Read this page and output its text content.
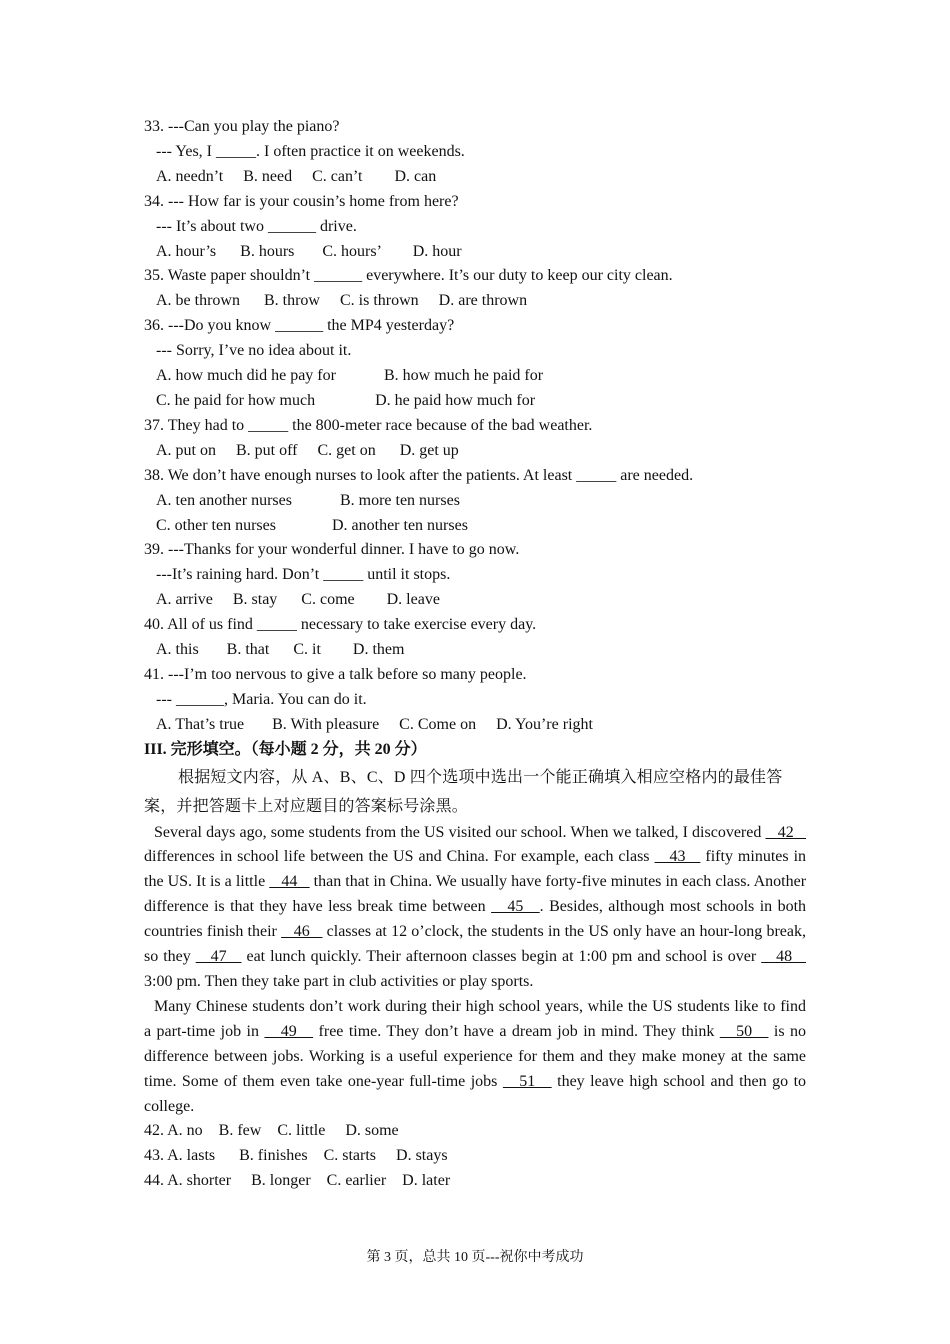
33. ---Can you play the piano?
--- Yes, I _____. I often practice it on weekends.
A. needn’t     B. need     C. can’t        D. can
34. --- How far is your cousin’s home from here?
--- It’s about two ______ drive.
A. hour’s      B. hours       C. hours’        D. hour
35. Waste paper shouldn’t ______ everywhere. It’s our duty to keep our city clean.
A. be thrown      B. throw     C. is thrown     D. are thrown
36. ---Do you know ______ the MP4 yesterday?
--- Sorry, I’ve no idea about it.
A. how much did he pay for            B. how much he paid for
C. he paid for how much               D. he paid how much for
37. They had to _____ the 800-meter race because of the bad weather.
A. put on     B. put off     C. get on      D. get up
38. We don’t have enough nurses to look after the patients. At least _____ are needed.
A. ten another nurses            B. more ten nurses
C. other ten nurses              D. another ten nurses
39. ---Thanks for your wonderful dinner. I have to go now.
---It’s raining hard. Don’t _____ until it stops.
A. arrive     B. stay      C. come        D. leave
40. All of us find _____ necessary to take exercise every day.
A. this       B. that      C. it        D. them
41. ---I’m too nervous to give a talk before so many people.
--- ______, Maria. You can do it.
A. That’s true       B. With pleasure     C. Come on     D. You’re right
III. 完形填空。（每小题 2 分，共 20 分）
根据短文内容，从 A、B、C、D 四个选项中选出一个能正确填入相应空格内的最佳答案，并把答题卡上对应题目的答案标号涂黑。
Several days ago, some students from the US visited our school. When we talked, I discovered    42    differences in school life between the US and China. For example, each class    43    fifty minutes in the US. It is a little    44    than that in China. We usually have forty-five minutes in each class. Another difference is that they have less break time between    45   . Besides, although most schools in both countries finish their    46    classes at 12 o’clock, the students in the US only have an hour-long break, so they    47    eat lunch quickly. Their afternoon classes begin at 1:00 pm and school is over    48    3:00 pm. Then they take part in club activities or play sports.
Many Chinese students don’t work during their high school years, while the US students like to find a part-time job in    49    free time. They don’t have a dream job in mind. They think    50    is no difference between jobs. Working is a useful experience for them and they make money at the same time. Some of them even take one-year full-time jobs    51    they leave high school and then go to college.
42. A. no    B. few    C. little     D. some
43. A. lasts      B. finishes    C. starts     D. stays
44. A. shorter     B. longer    C. earlier    D. later
第 3 页，总共 10 页---祝你中考成功
